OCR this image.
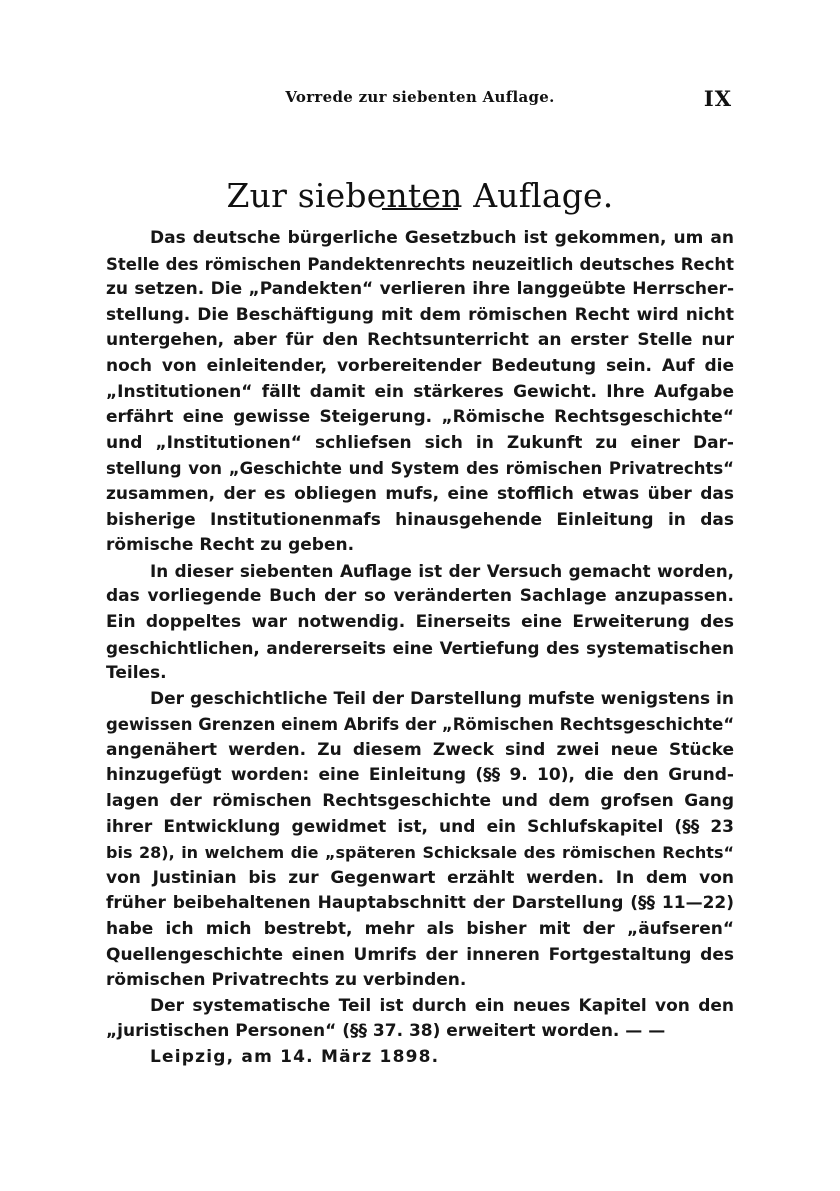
Vorrede zur siebenten Auflage.	IX
Zur siebenten Auflage.
Das deutsche bürgerliche Gesetzbuch ist gekommen, um an
Stelle des römischen Pandektenrechts neuzeitlich deutsches Recht
zu setzen. Die „Pandekten“ verlieren ihre langgeübte Herrscher-
stellung. Die Beschäftigung mit dem römischen Recht wird nicht
untergehen, aber für den Rechtsunterricht an erster Stelle nur
noch von einleitender, vorbereitender Bedeutung sein. Auf die
„Institutionen“ fällt damit ein stärkeres Gewicht. Ihre Aufgabe
erfährt eine gewisse Steigerung. „Römische Rechtsgeschichte“
und „Institutionen“ schliefsen sich in Zukunft zu einer Dar-
stellung von „Geschichte und System des römischen Privatrechts“
zusammen, der es obliegen mufs, eine stofflich etwas über das
bisherige Institutionenmafs hinausgehende Einleitung in das
römische Recht zu geben.
In dieser siebenten Auflage ist der Versuch gemacht worden,
das vorliegende Buch der so veränderten Sachlage anzupassen.
Ein doppeltes war notwendig. Einerseits eine Erweiterung des
geschichtlichen, andererseits eine Vertiefung des systematischen
Teiles.
Der geschichtliche Teil der Darstellung mufste wenigstens in
gewissen Grenzen einem Abrifs der „Römischen Rechtsgeschichte“
angenähert werden. Zu diesem Zweck sind zwei neue Stücke
hinzugefügt worden: eine Einleitung (§§ 9. 10), die den Grund-
lagen der römischen Rechtsgeschichte und dem grofsen Gang
ihrer Entwicklung gewidmet ist, und ein Schlufskapitel (§§ 23
bis 28), in welchem die „späteren Schicksale des römischen Rechts“
von Justinian bis zur Gegenwart erzählt werden. In dem von
früher beibehaltenen Hauptabschnitt der Darstellung (§§ 11—22)
habe ich mich bestrebt, mehr als bisher mit der „äufseren“
Quellengeschichte einen Umrifs der inneren Fortgestaltung des
römischen Privatrechts zu verbinden.
Der systematische Teil ist durch ein neues Kapitel von den
„juristischen Personen“ (§§ 37. 38) erweitert worden. — —
Leipzig, am 14. März 1898.
